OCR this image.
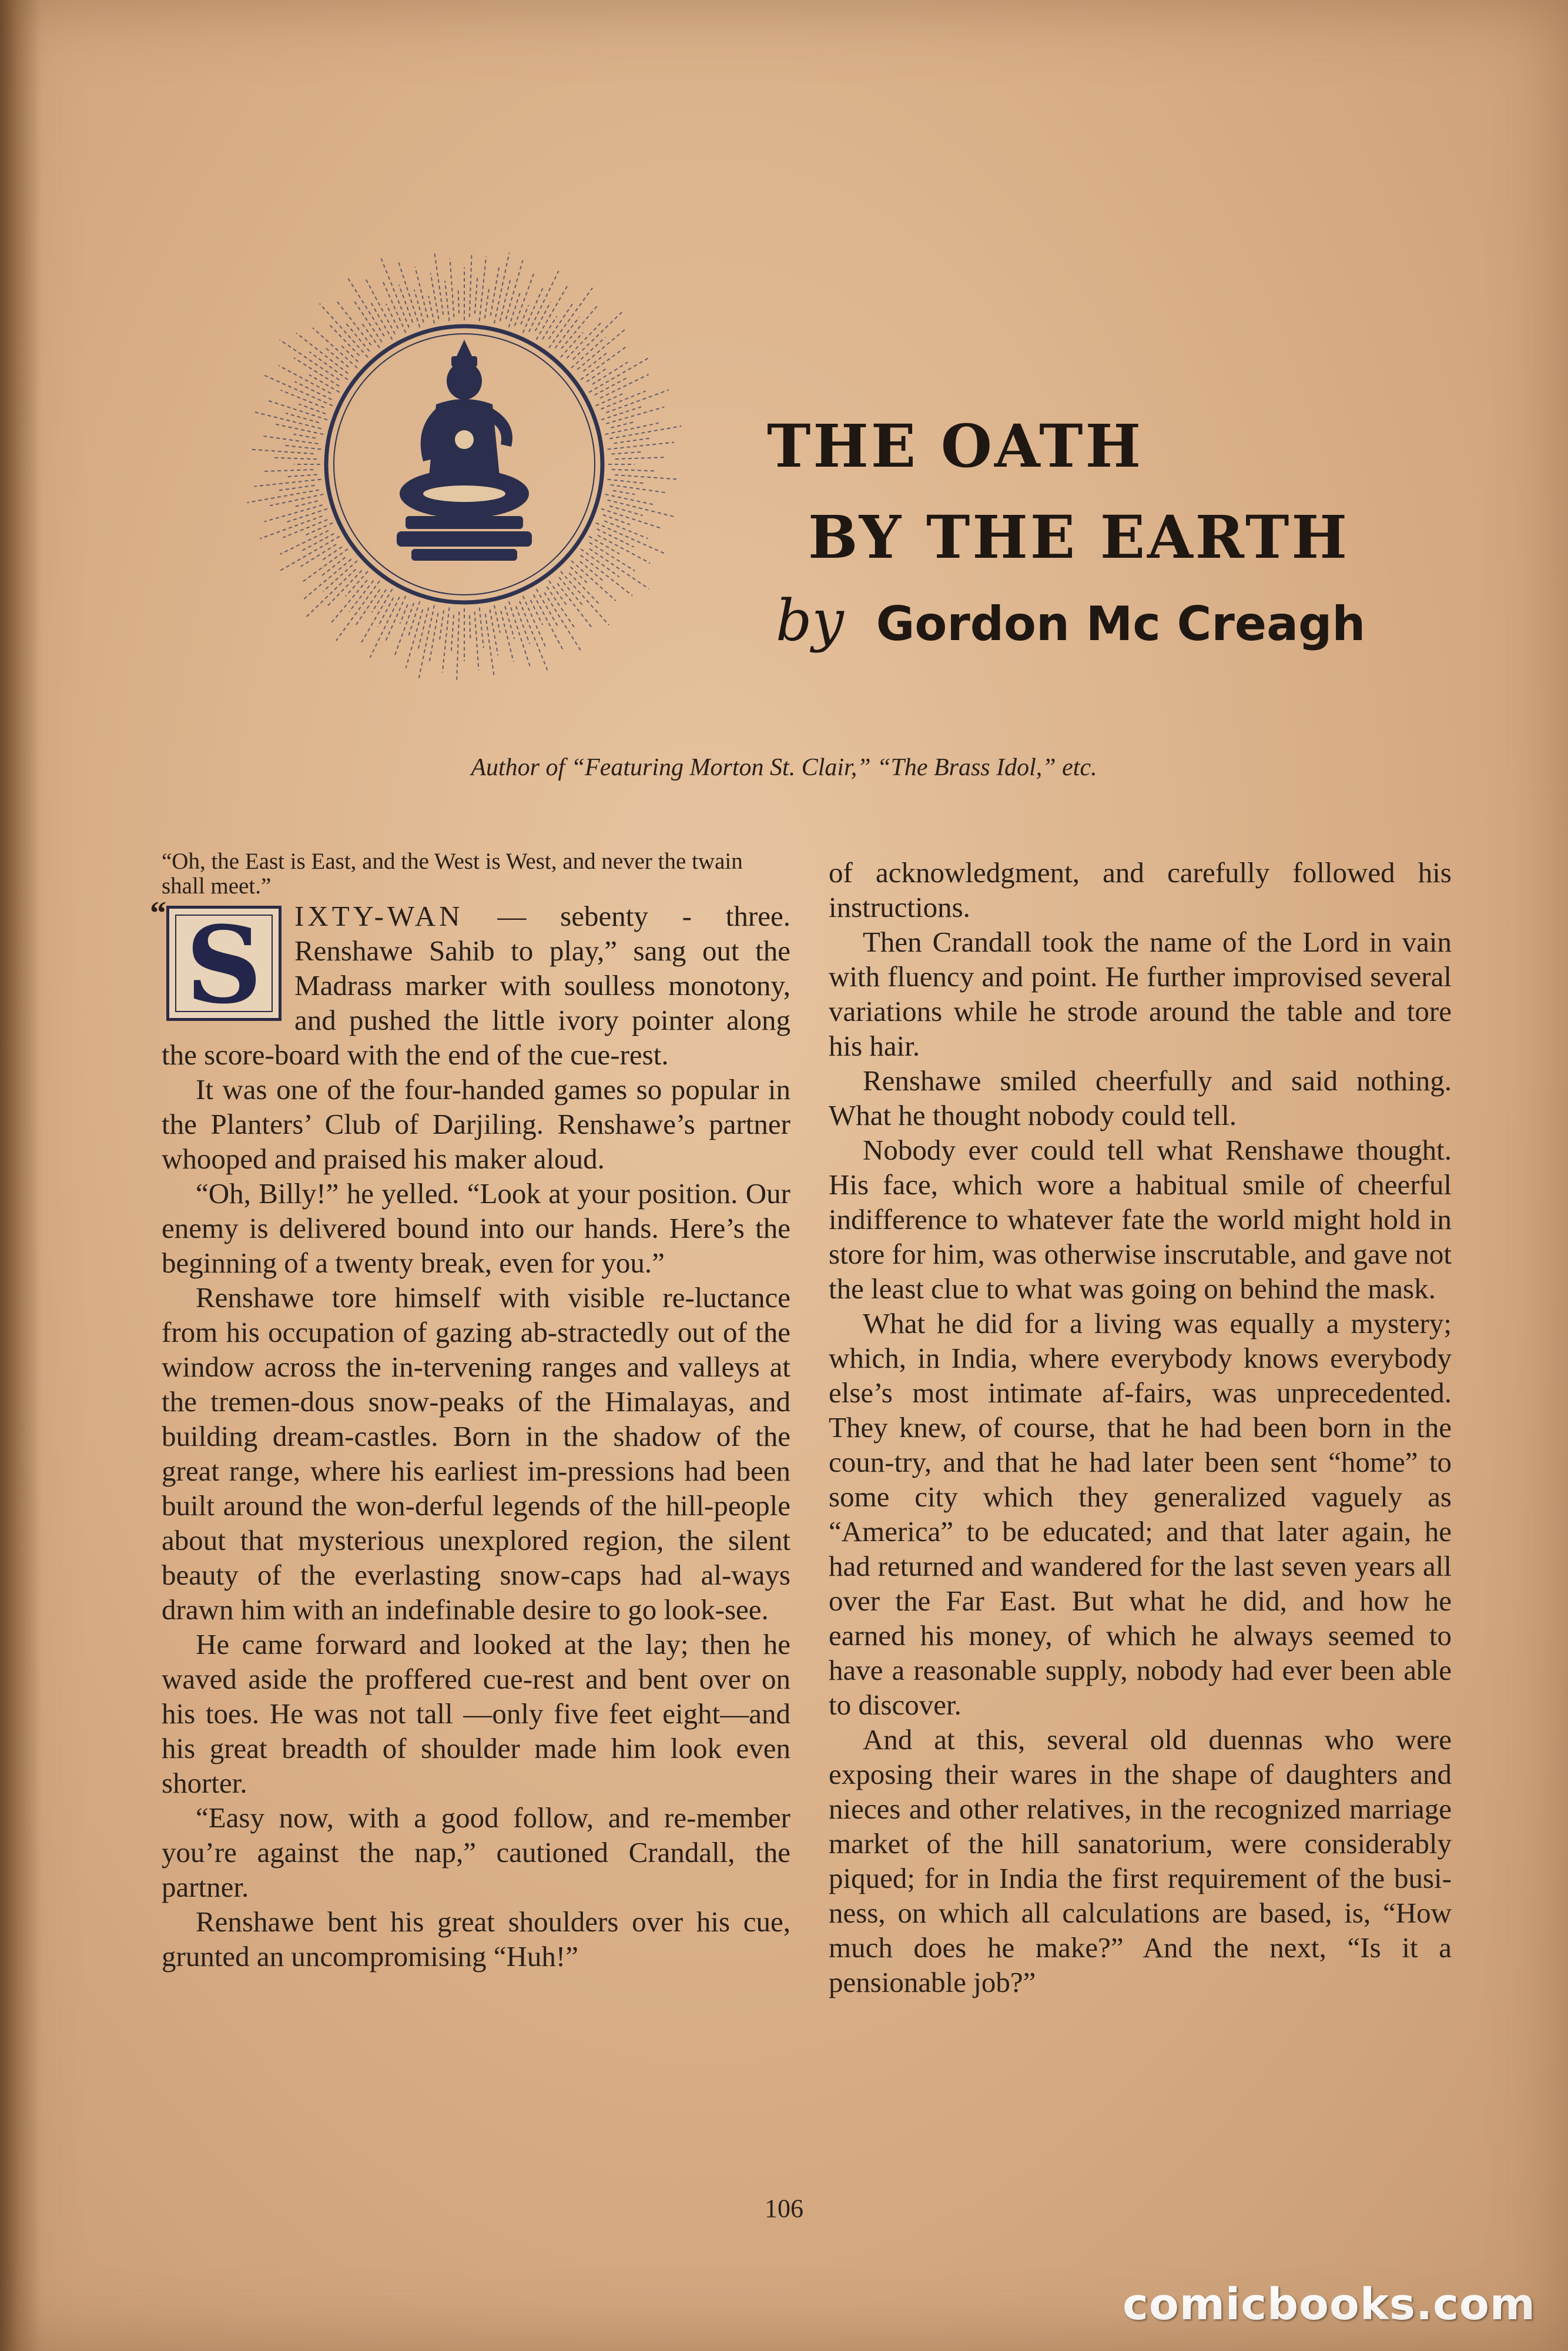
THE OATH
BY THE EARTH
by Gordon Mc Creagh
Author of “Featuring Morton St. Clair,” “The Brass Idol,” etc.

“Oh, the East is East, and the West is West, and never the twain shall meet.”

“ S	IXTY-WAN — sebenty - three. Renshawe Sahib to play,” sang out the Madrass marker with soulless monotony, and pushed the little ivory pointer along the score-board with the end of the cue-rest.

It was one of the four-handed games so popular in the Planters’ Club of Darjiling. Renshawe’s partner whooped and praised his maker aloud.

“Oh, Billy!” he yelled. “Look at your position. Our enemy is delivered bound into our hands. Here’s the beginning of a twenty break, even for you.”

Renshawe tore himself with visible re-luctance from his occupation of gazing ab-stractedly out of the window across the in-tervening ranges and valleys at the tremen-dous snow-peaks of the Himalayas, and building dream-castles. Born in the shadow of the great range, where his earliest im-pressions had been built around the won-derful legends of the hill-people about that mysterious unexplored region, the silent beauty of the everlasting snow-caps had al-ways drawn him with an indefinable desire to go look-see.

He came forward and looked at the lay; then he waved aside the proffered cue-rest and bent over on his toes. He was not tall —only five feet eight—and his great breadth of shoulder made him look even shorter.

“Easy now, with a good follow, and re-member you’re against the nap,” cautioned Crandall, the partner.

Renshawe bent his great shoulders over his cue, grunted an uncompromising “Huh!”

of acknowledgment, and carefully followed his instructions.

Then Crandall took the name of the Lord in vain with fluency and point. He further improvised several variations while he strode around the table and tore his hair.

Renshawe smiled cheerfully and said nothing. What he thought nobody could tell.

Nobody ever could tell what Renshawe thought. His face, which wore a habitual smile of cheerful indifference to whatever fate the world might hold in store for him, was otherwise inscrutable, and gave not the least clue to what was going on behind the mask.

What he did for a living was equally a mystery; which, in India, where everybody knows everybody else’s most intimate af-fairs, was unprecedented. They knew, of course, that he had been born in the coun-try, and that he had later been sent “home” to some city which they generalized vaguely as “America” to be educated; and that later again, he had returned and wandered for the last seven years all over the Far East. But what he did, and how he earned his money, of which he always seemed to have a reasonable supply, nobody had ever been able to discover.

And at this, several old duennas who were exposing their wares in the shape of daughters and nieces and other relatives, in the recognized marriage market of the hill sanatorium, were considerably piqued; for in India the first requirement of the busi-ness, on which all calculations are based, is, “How much does he make?” And the next, “Is it a pensionable job?”

106
comicbooks.com
